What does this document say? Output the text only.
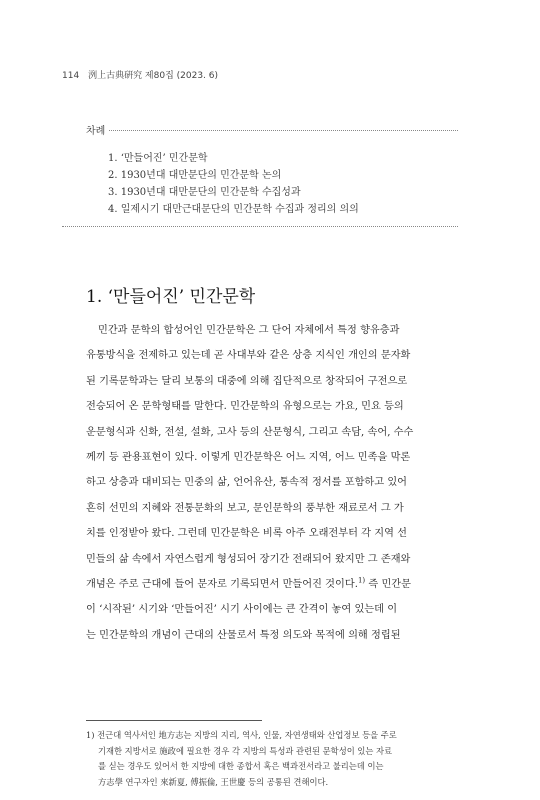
114 洌上古典硏究 제80집 (2023. 6)
차례
1. ‘만들어진’ 민간문학
2. 1930년대 대만문단의 민간문학 논의
3. 1930년대 대만문단의 민간문학 수집성과
4. 일제시기 대만근대문단의 민간문학 수집과 정리의 의의
1. ‘만들어진’ 민간문학
민간과 문학의 합성어인 민간문학은 그 단어 자체에서 특정 향유층과
유통방식을 전제하고 있는데 곧 사대부와 같은 상층 지식인 개인의 문자화
된 기록문학과는 달리 보통의 대중에 의해 집단적으로 창작되어 구전으로
전승되어 온 문학형태를 말한다. 민간문학의 유형으로는 가요, 민요 등의
운문형식과 신화, 전설, 설화, 고사 등의 산문형식, 그리고 속담, 속어, 수수
께끼 등 관용표현이 있다. 이렇게 민간문학은 어느 지역, 어느 민족을 막론
하고 상층과 대비되는 민중의 삶, 언어유산, 통속적 정서를 포함하고 있어
흔히 선민의 지혜와 전통문화의 보고, 문인문학의 풍부한 재료로서 그 가
치를 인정받아 왔다. 그런데 민간문학은 비록 아주 오래전부터 각 지역 선
민들의 삶 속에서 자연스럽게 형성되어 장기간 전래되어 왔지만 그 존재와
개념은 주로 근대에 들어 문자로 기록되면서 만들어진 것이다.$^{1)}$ 즉 민간문
이 ‘시작된’ 시기와 ‘만들어진’ 시기 사이에는 큰 간격이 놓여 있는데 이
는 민간문학의 개념이 근대의 산물로서 특정 의도와 목적에 의해 정립된
1) 전근대 역사서인 地方志는 지방의 지리, 역사, 인물, 자연생태와 산업정보 등을 주로
기재한 지방서로 施政에 필요한 경우 각 지방의 특성과 관련된 문학성이 있는 자료
를 싣는 경우도 있어서 한 지방에 대한 종합서 혹은 백과전서라고 불리는데 이는
方志學 연구자인 來新夏, 傅振倫, 王世慶 등의 공통된 견해이다.
